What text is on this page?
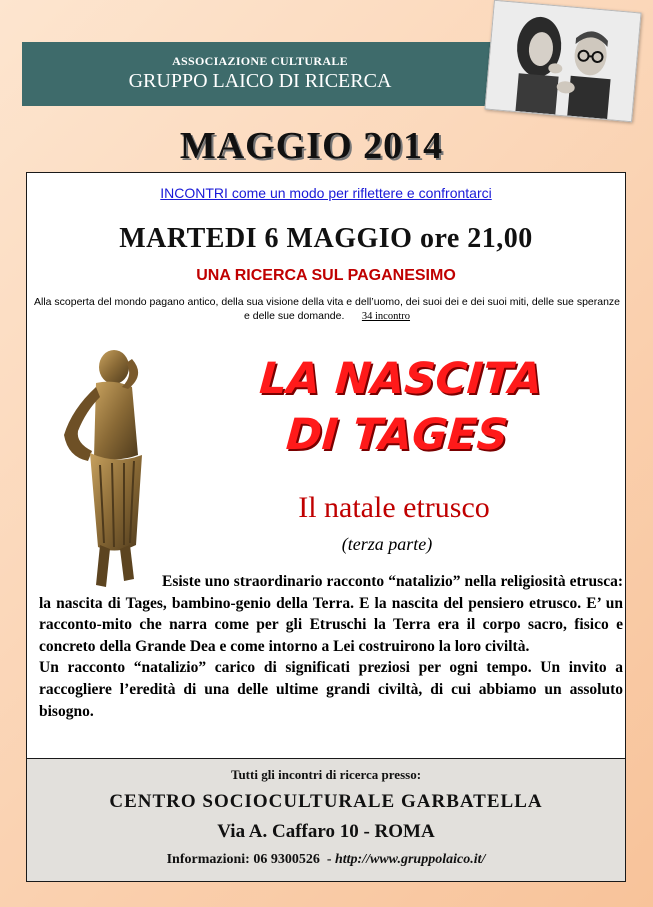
ASSOCIAZIONE CULTURALE
GRUPPO LAICO DI RICERCA
MAGGIO 2014
INCONTRI come un modo per riflettere e confrontarci
MARTEDI 6 MAGGIO ore 21,00
UNA RICERCA SUL PAGANESIMO
Alla scoperta del mondo pagano antico, della sua visione della vita e dell’uomo, dei suoi dei e dei suoi miti, delle sue speranze e delle sue domande. 34 incontro
LA NASCITA
DI TAGES
Il natale etrusco
(terza parte)

Esiste uno straordinario racconto “natalizio” nella religiosità etrusca: la nascita di Tages, bambino-genio della Terra. E la nascita del pensiero etrusco. E’ un racconto-mito che narra come per gli Etruschi la Terra era il corpo sacro, fisico e concreto della Grande Dea e come intorno a Lei costruirono la loro civiltà.

Un racconto “natalizio” carico di significati preziosi per ogni tempo. Un invito a raccogliere l’eredità di una delle ultime grandi civiltà, di cui abbiamo un assoluto bisogno.

Tutti gli incontri di ricerca presso:
CENTRO SOCIOCULTURALE GARBATELLA
Via A. Caffaro 10 - ROMA
Informazioni: 06 9300526  - http://www.gruppolaico.it/
